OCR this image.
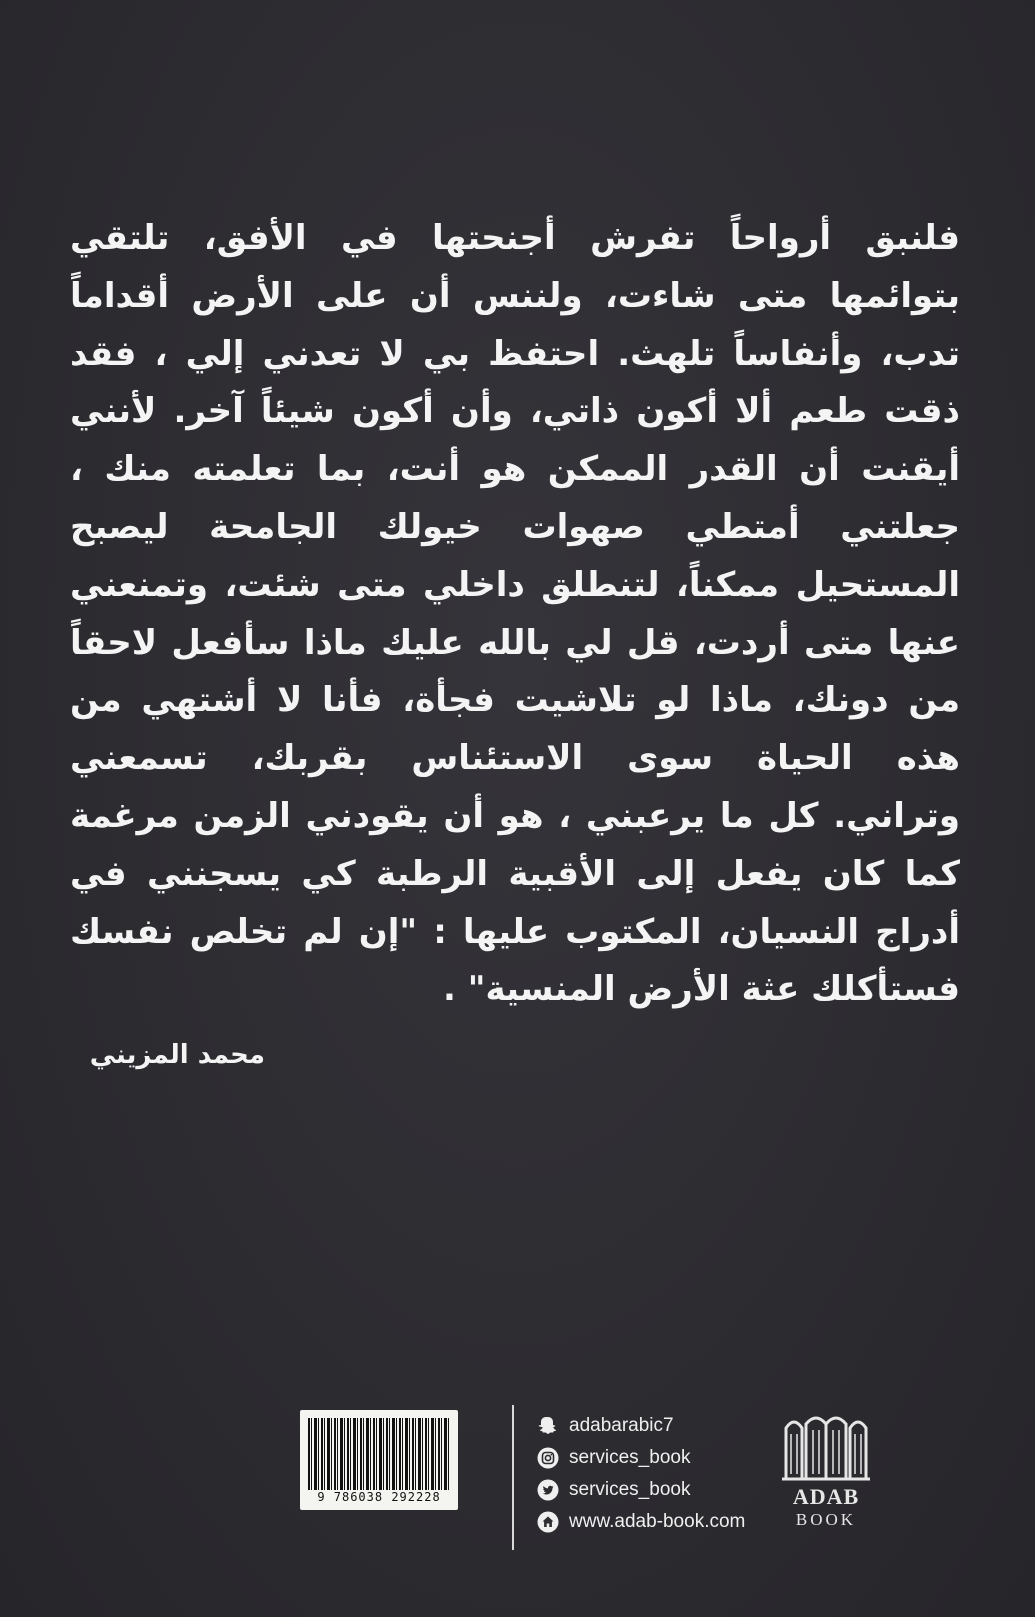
فلنبق أرواحاً تفرش أجنحتها في الأفق، تلتقي
بتوائمها متى شاءت، ولننس أن على الأرض أقداماً
تدب، وأنفاساً تلهث. احتفظ بي لا تعدني إلي ، فقد
ذقت طعم ألا أكون ذاتي، وأن أكون شيئاً آخر. لأنني
أيقنت أن القدر الممكن هو أنت، بما تعلمته منك ،
جعلتني أمتطي صهوات خيولك الجامحة ليصبح
المستحيل ممكناً، لتنطلق داخلي متى شئت، وتمنعني
عنها متى أردت، قل لي بالله عليك ماذا سأفعل لاحقاً
من دونك، ماذا لو تلاشيت فجأة، فأنا لا أشتهي من
هذه الحياة سوى الاستئناس بقربك، تسمعني
وتراني. كل ما يرعبني ، هو أن يقودني الزمن مرغمة
كما كان يفعل إلى الأقبية الرطبة كي يسجنني في
أدراج النسيان، المكتوب عليها : "إن لم تخلص نفسك
فستأكلك عثة الأرض المنسية" .
محمد المزيني
9 786038 292228
adabarabic7
services_book
services_book
www.adab-book.com
ADAB
BOOK
